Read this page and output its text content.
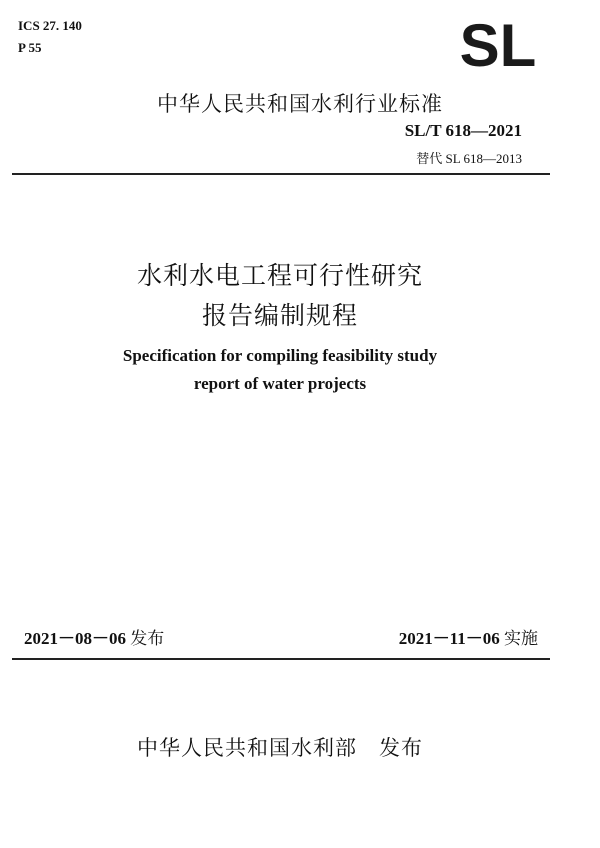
ICS 27. 140
P 55	SL
中华人民共和国水利行业标准
SL/T 618—2021
替代 SL 618—2013
水利水电工程可行性研究
报告编制规程
Specification for compiling feasibility study
report of water projects
2021－08－06 发布	2021－11－06 实施
中华人民共和国水利部 发布
